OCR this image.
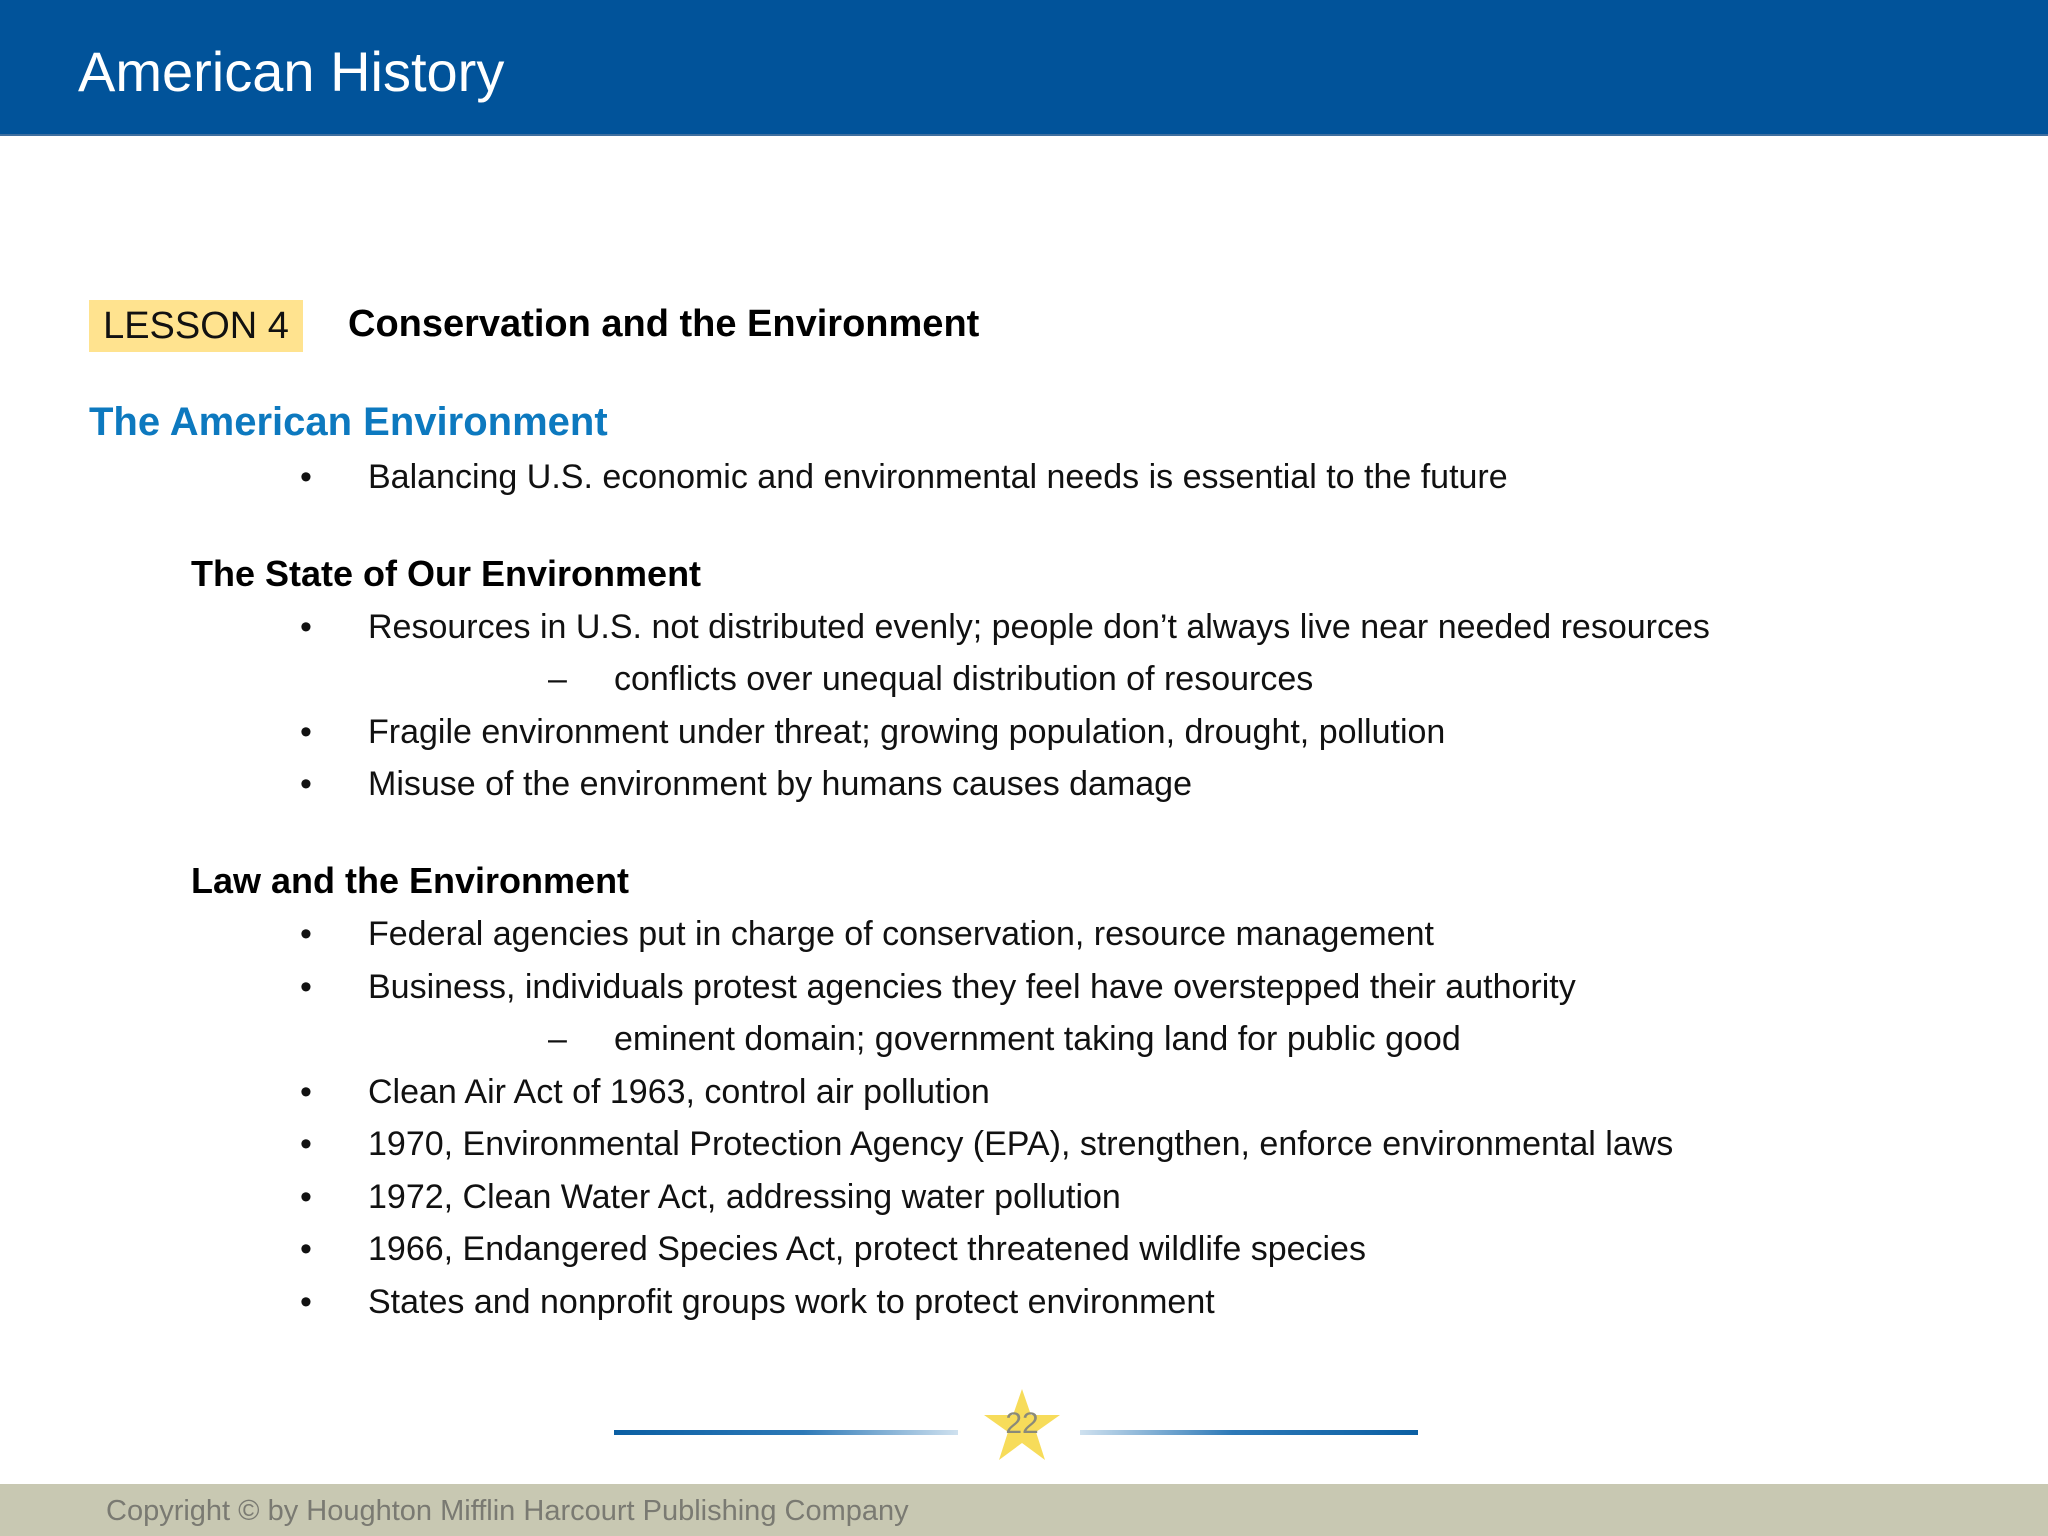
American History
LESSON 4	Conservation and the Environment
The American Environment
• Balancing U.S. economic and environmental needs is essential to the future
The State of Our Environment
• Resources in U.S. not distributed evenly; people don’t always live near needed resources
– conflicts over unequal distribution of resources
• Fragile environment under threat; growing population, drought, pollution
• Misuse of the environment by humans causes damage
Law and the Environment
• Federal agencies put in charge of conservation, resource management
• Business, individuals protest agencies they feel have overstepped their authority
– eminent domain; government taking land for public good
• Clean Air Act of 1963, control air pollution
• 1970, Environmental Protection Agency (EPA), strengthen, enforce environmental laws
• 1972, Clean Water Act, addressing water pollution
• 1966, Endangered Species Act, protect threatened wildlife species
• States and nonprofit groups work to protect environment
22
Copyright © by Houghton Mifflin Harcourt Publishing Company
